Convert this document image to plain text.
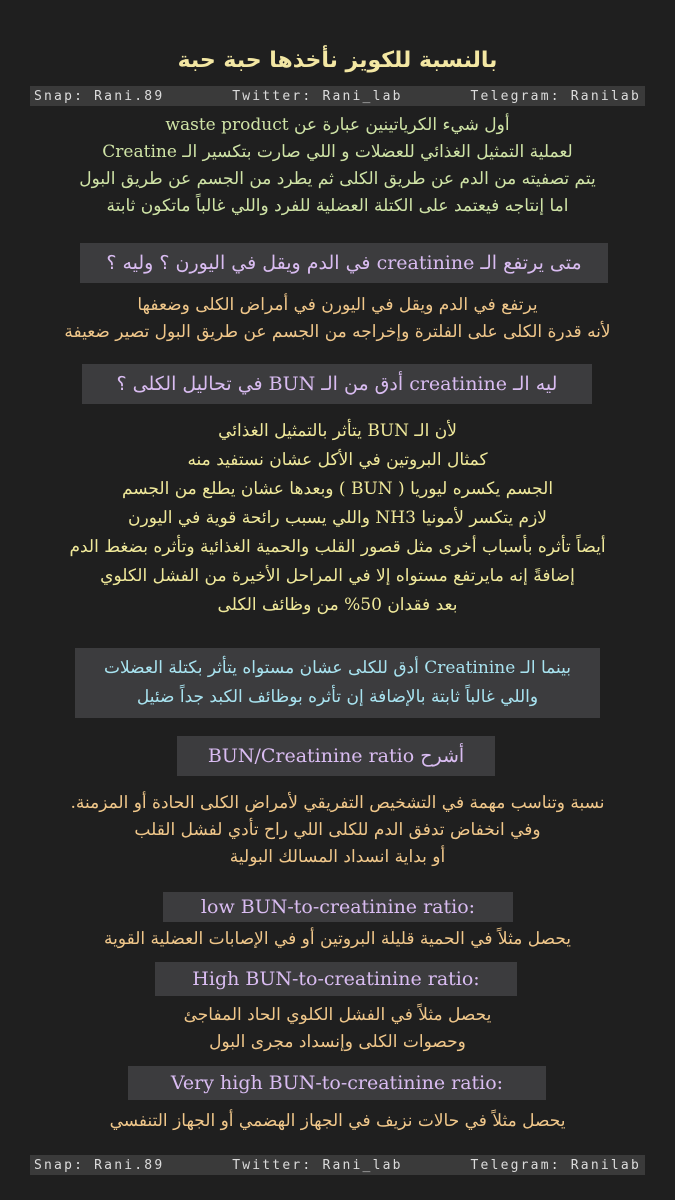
بالنسبة للكويز نأخذها حبة حبة
Snap: Rani.89	Twitter: Rani_lab	Telegram: Ranilab
أول شيء الكرياتينين عبارة عن waste product
لعملية التمثيل الغذائي للعضلات و اللي صارت بتكسير الـ Creatine
يتم تصفيته من الدم عن طريق الكلى ثم يطرد من الجسم عن طريق البول
اما إنتاجه فيعتمد على الكتلة العضلية للفرد واللي غالباً ماتكون ثابتة
متى يرتفع الـ creatinine في الدم ويقل في اليورن ؟ وليه ؟
يرتفع في الدم ويقل في اليورن في أمراض الكلى وضعفها
لأنه قدرة الكلى على الفلترة وإخراجه من الجسم عن طريق البول تصير ضعيفة
ليه الـ creatinine أدق من الـ BUN في تحاليل الكلى ؟
لأن الـ BUN يتأثر بالتمثيل الغذائي
كمثال البروتين في الأكل عشان نستفيد منه
الجسم يكسره ليوريا ( BUN ) وبعدها عشان يطلع من الجسم
لازم يتكسر لأمونيا NH3 واللي يسبب رائحة قوية في اليورن
أيضاً تأثره بأسباب أخرى مثل قصور القلب والحمية الغذائية وتأثره بضغط الدم
إضافةً إنه مايرتفع مستواه إلا في المراحل الأخيرة من الفشل الكلوي
بعد فقدان 50% من وظائف الكلى
بينما الـ Creatinine أدق للكلى عشان مستواه يتأثر بكتلة العضلات
واللي غالباً ثابتة بالإضافة إن تأثره بوظائف الكبد جداً ضئيل
أشرح BUN/Creatinine ratio
نسبة وتناسب مهمة في التشخيص التفريقي لأمراض الكلى الحادة أو المزمنة.
وفي انخفاض تدفق الدم للكلى اللي راح تأدي لفشل القلب
أو بداية انسداد المسالك البولية
low BUN-to-creatinine ratio:
يحصل مثلاً في الحمية قليلة البروتين أو في الإصابات العضلية القوية
High BUN-to-creatinine ratio:
يحصل مثلاً في الفشل الكلوي الحاد المفاجئ
وحصوات الكلى وإنسداد مجرى البول
Very high BUN-to-creatinine ratio:
يحصل مثلاً في حالات نزيف في الجهاز الهضمي أو الجهاز التنفسي
Snap: Rani.89	Twitter: Rani_lab	Telegram: Ranilab
